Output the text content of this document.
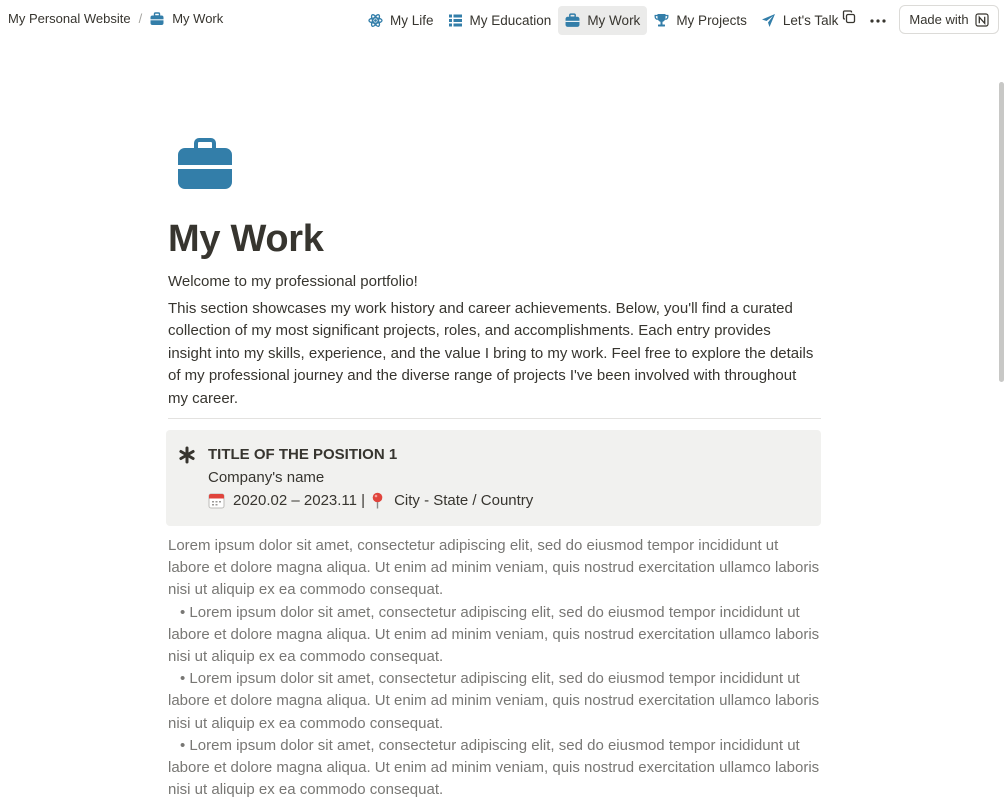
My Personal Website / My Work	My Life	My Education	My Work	My Projects	Let's Talk	Made with
My Work

Welcome to my professional portfolio!

This section showcases my work history and career achievements. Below, you'll find a curated collection of my most significant projects, roles, and accomplishments. Each entry provides insight into my skills, experience, and the value I bring to my work. Feel free to explore the details of my professional journey and the diverse range of projects I've been involved with throughout my career.

TITLE OF THE POSITION 1
Company's name
2020.02 – 2023.11 | City - State / Country
Lorem ipsum dolor sit amet, consectetur adipiscing elit, sed do eiusmod tempor incididunt ut labore et dolore magna aliqua. Ut enim ad minim veniam, quis nostrud exercitation ullamco laboris nisi ut aliquip ex ea commodo consequat.
• Lorem ipsum dolor sit amet, consectetur adipiscing elit, sed do eiusmod tempor incididunt ut labore et dolore magna aliqua. Ut enim ad minim veniam, quis nostrud exercitation ullamco laboris nisi ut aliquip ex ea commodo consequat.
• Lorem ipsum dolor sit amet, consectetur adipiscing elit, sed do eiusmod tempor incididunt ut labore et dolore magna aliqua. Ut enim ad minim veniam, quis nostrud exercitation ullamco laboris nisi ut aliquip ex ea commodo consequat.
• Lorem ipsum dolor sit amet, consectetur adipiscing elit, sed do eiusmod tempor incididunt ut labore et dolore magna aliqua. Ut enim ad minim veniam, quis nostrud exercitation ullamco laboris nisi ut aliquip ex ea commodo consequat.
